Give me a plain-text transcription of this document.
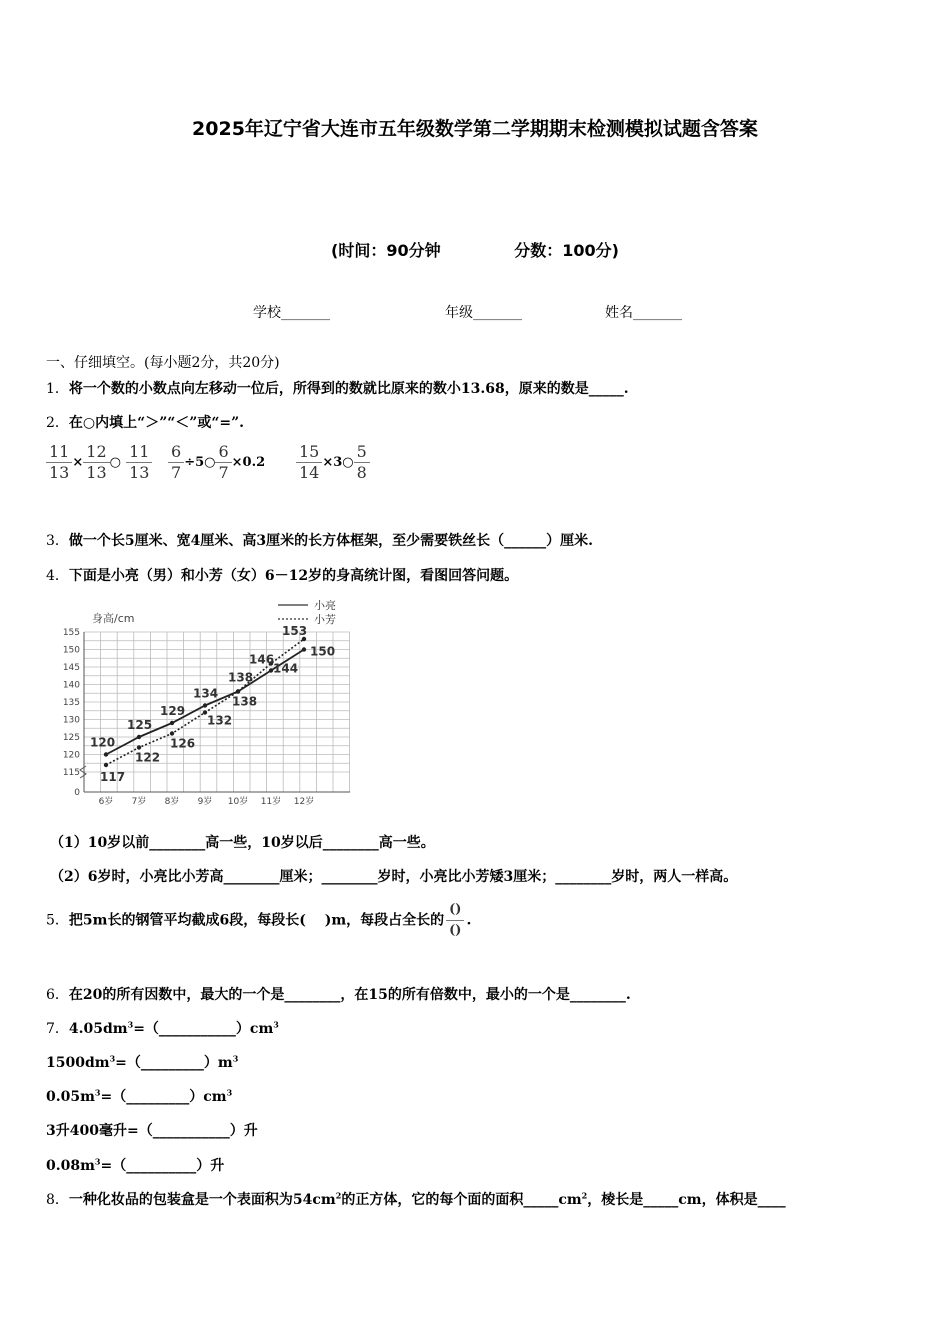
2025年辽宁省大连市五年级数学第二学期期末检测模拟试题含答案
(时间：90分钟	分数：100分)
学校_______	年级_______	姓名_______
一、仔细填空。(每小题2分，共20分)
1．将一个数的小数点向左移动一位后，所得到的数就比原来的数小13.68，原来的数是_____.
2．在○内填上“＞”“＜”或“=”.
$\frac{11}{13} \times \frac{12}{13}$ ○ $\frac{11}{13} \frac{6}{7}$ ÷5○ $\frac{6}{7} \times 0.2 \frac{15}{14}$ ×3○ $\frac{5}{8}$
3．做一个长5厘米、宽4厘米、高3厘米的长方体框架，至少需要铁丝长（______）厘米.
4．下面是小亮（男）和小芳（女）6－12岁的身高统计图，看图回答问题。
身高/cm
0
115
120
125
130
135
140
145
150
155
6岁 7岁 8岁 9岁 10岁 11岁 12岁
小亮
小芳
120
125
129
134
138
144
150
117
122
126
132
138
146
153
（1）10岁以前________高一些，10岁以后________高一些。
（2）6岁时，小亮比小芳高________厘米；________岁时，小亮比小芳矮3厘米；________岁时，两人一样高。
5．把5m长的钢管平均截成6段，每段长(　 )m，每段占全长的 $\frac{()}{()}$ .
6．在20的所有因数中，最大的一个是________，在15的所有倍数中，最小的一个是________.
7．$4.05dm^3=(\_\_\_\_\_\_\_\_\_\_\_)cm^3$
$1500dm^3=(\_\_\_\_\_\_\_\_\_)m^3$
$0.05m^3=(\_\_\_\_\_\_\_\_\_)cm^3$
3升400毫升=（___________）升
$0.08m^3=(\_\_\_\_\_\_\_\_\_\_)$升
8．一种化妆品的包装盒是一个表面积为$54cm^2$的正方体，它的每个面的面积$\_\_\_\_\_cm^2$，棱长是_____cm，体积是____
